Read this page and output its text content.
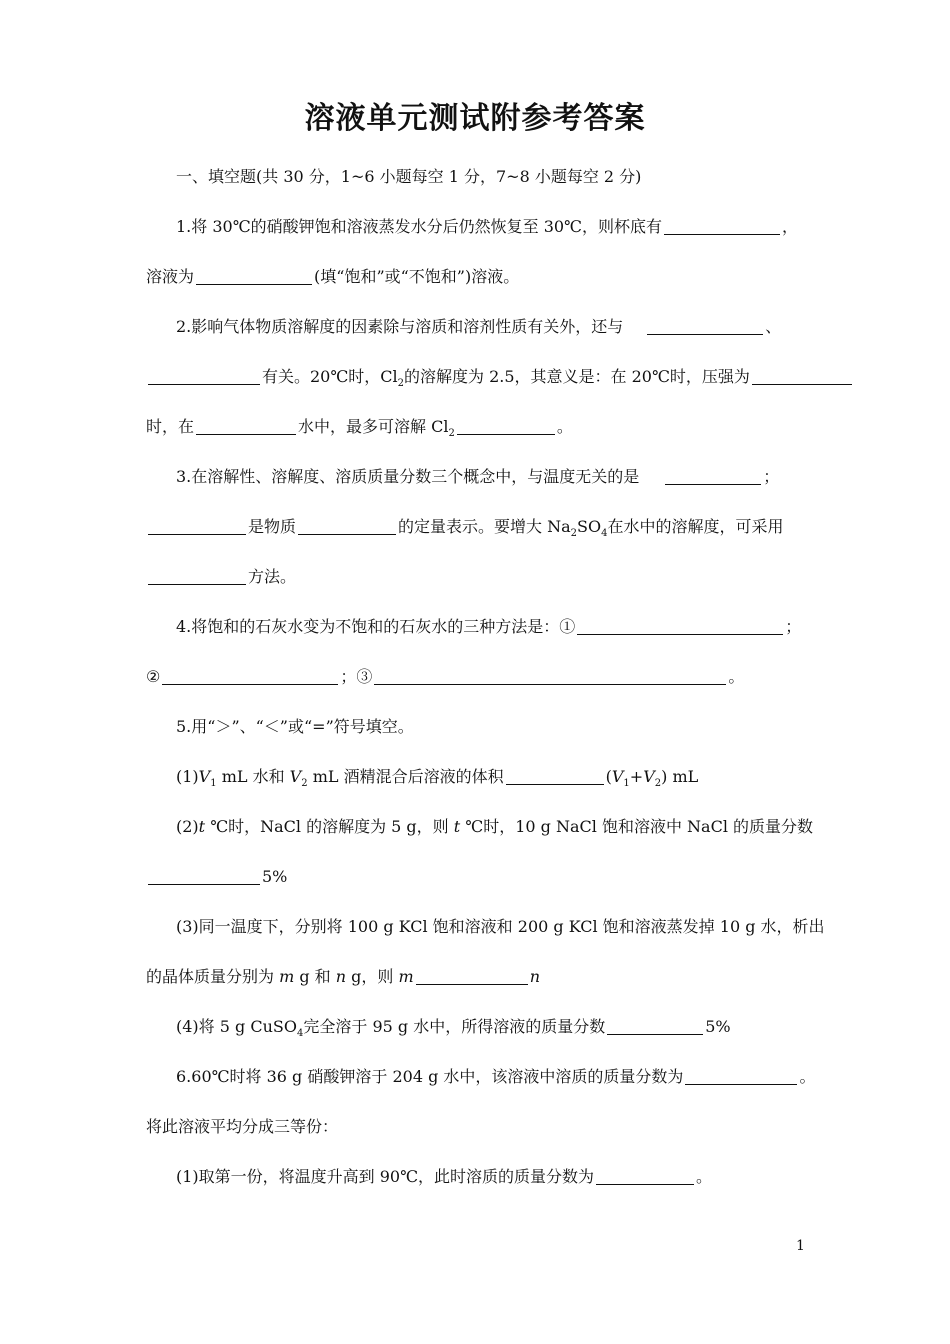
溶液单元测试附参考答案
一、填空题(共 30 分，1~6 小题每空 1 分，7~8 小题每空 2 分)
1.将 30℃的硝酸钾饱和溶液蒸发水分后仍然恢复至 30℃，则杯底有	，
溶液为	(填“饱和”或“不饱和”)溶液。
2.影响气体物质溶解度的因素除与溶质和溶剂性质有关外，还与	、
有关。20℃时，$Cl_2$的溶解度为 2.5，其意义是：在 20℃时，压强为
时，在	水中，最多可溶解 $Cl_2$	。
3.在溶解性、溶解度、溶质质量分数三个概念中，与温度无关的是	；
是物质	的定量表示。要增大 $Na_2SO_4$在水中的溶解度，可采用
方法。
4.将饱和的石灰水变为不饱和的石灰水的三种方法是：①	；
②	；③	。
5.用“＞”、“＜”或“=”符号填空。
$(1)V_1$ mL 水和 $V_2$ mL 酒精混合后溶液的体积	$(V_1+V_2)$ mL
(2)t ℃时，NaCl 的溶解度为 5 g，则 t ℃时，10 g NaCl 饱和溶液中 NaCl 的质量分数
5%
(3)同一温度下，分别将 100 g KCl 饱和溶液和 200 g KCl 饱和溶液蒸发掉 10 g 水，析出
的晶体质量分别为 m g 和 n g，则 m	n
(4)将 5 g CuSO$_4$完全溶于 95 g 水中，所得溶液的质量分数	5%
6.60℃时将 36 g 硝酸钾溶于 204 g 水中，该溶液中溶质的质量分数为	。
将此溶液平均分成三等份：
(1)取第一份，将温度升高到 90℃，此时溶质的质量分数为	。
1
